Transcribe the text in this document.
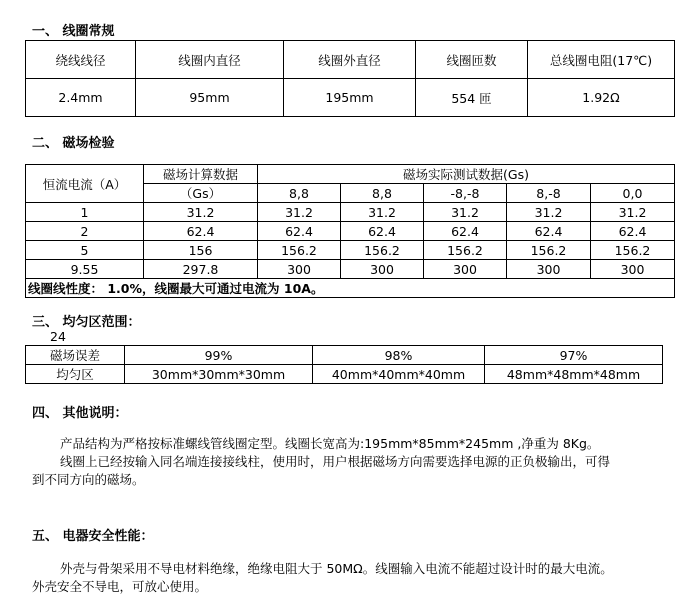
一、 线圈常规
绕线线径	线圈内直径	线圈外直径	线圈匝数	总线圈电阻(17℃)
2.4mm	95mm	195mm	554 匝	1.92Ω
二、 磁场检验
恒流电流（A）	磁场计算数据	磁场实际测试数据(Gs)				
	（Gs）	8,8	8,8	-8,-8	8,-8	0,0
1	31.2	31.2	31.2	31.2	31.2	31.2
2	62.4	62.4	62.4	62.4	62.4	62.4
5	156	156.2	156.2	156.2	156.2	156.2
9.55	297.8	300	300	300	300	300
线圈线性度： 1.0%，线圈最大可通过电流为 10A。						
三、 均匀区范围：
24
磁场误差	99%	98%	97%
均匀区	30mm*30mm*30mm	40mm*40mm*40mm	48mm*48mm*48mm
四、 其他说明：
产品结构为严格按标准螺线管线圈定型。线圈长宽高为:195mm*85mm*245mm ,净重为 8Kg。
线圈上已经按输入同名端连接接线柱，使用时，用户根据磁场方向需要选择电源的正负极输出，可得
到不同方向的磁场。
五、 电器安全性能：
外壳与骨架采用不导电材料绝缘，绝缘电阻大于 50MΩ。线圈输入电流不能超过设计时的最大电流。
外壳安全不导电，可放心使用。
